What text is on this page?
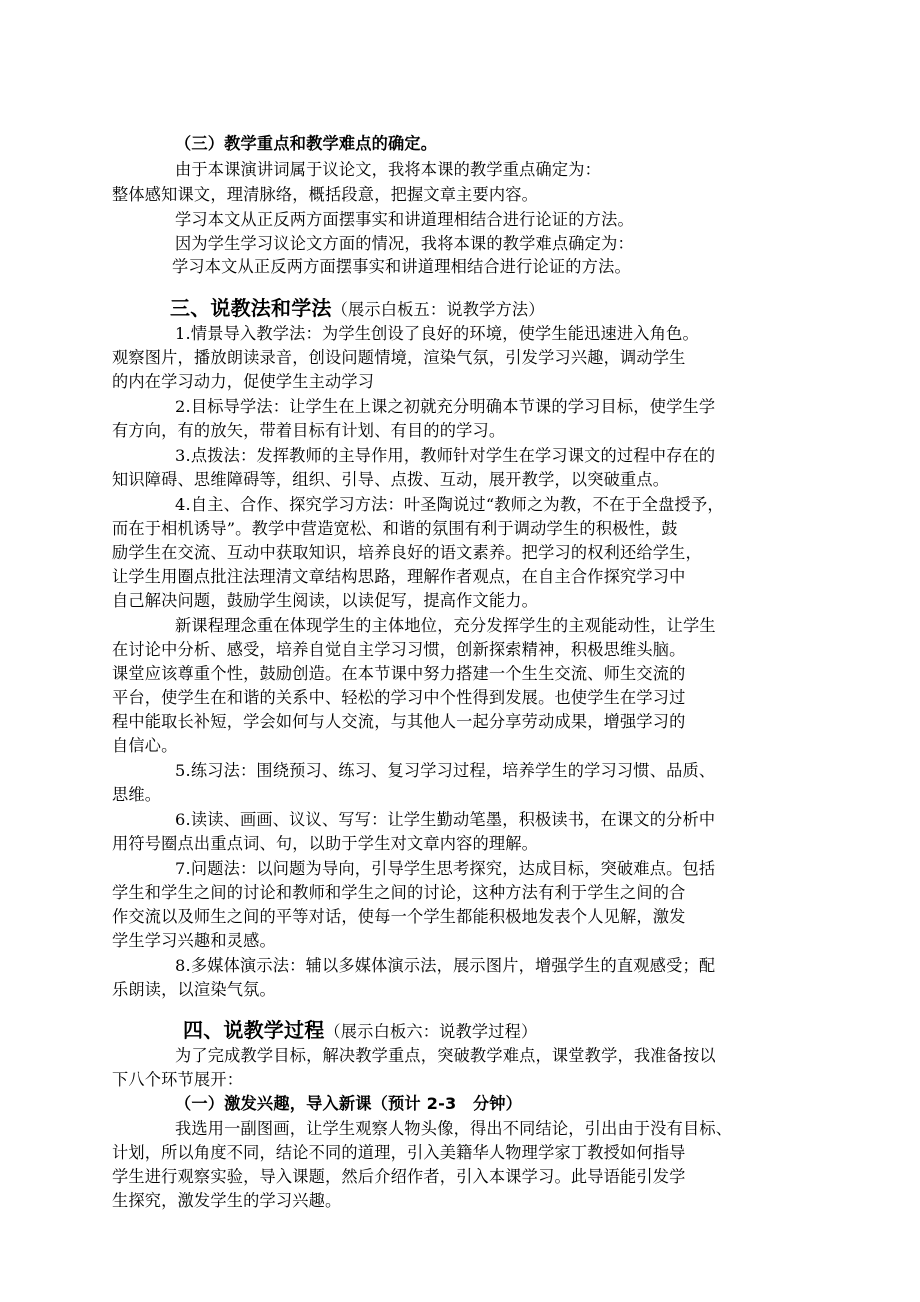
（三）教学重点和教学难点的确定。
由于本课演讲词属于议论文，我将本课的教学重点确定为：
整体感知课文，理清脉络，概括段意，把握文章主要内容。
学习本文从正反两方面摆事实和讲道理相结合进行论证的方法。
因为学生学习议论文方面的情况，我将本课的教学难点确定为：
学习本文从正反两方面摆事实和讲道理相结合进行论证的方法。
三、说教法和学法（展示白板五：说教学方法）
1.情景导入教学法：为学生创设了良好的环境，使学生能迅速进入角色。
观察图片，播放朗读录音，创设问题情境，渲染气氛，引发学习兴趣，调动学生
的内在学习动力，促使学生主动学习
2.目标导学法：让学生在上课之初就充分明确本节课的学习目标，使学生学
有方向，有的放矢，带着目标有计划、有目的的学习。
3.点拨法：发挥教师的主导作用，教师针对学生在学习课文的过程中存在的
知识障碍、思维障碍等，组织、引导、点拨、互动，展开教学，以突破重点。
4.自主、合作、探究学习方法：叶圣陶说过“教师之为教，不在于全盘授予，
而在于相机诱导”。教学中营造宽松、和谐的氛围有利于调动学生的积极性，鼓
励学生在交流、互动中获取知识，培养良好的语文素养。把学习的权利还给学生，
让学生用圈点批注法理清文章结构思路，理解作者观点，在自主合作探究学习中
自己解决问题，鼓励学生阅读，以读促写，提高作文能力。
新课程理念重在体现学生的主体地位，充分发挥学生的主观能动性，让学生
在讨论中分析、感受，培养自觉自主学习习惯，创新探索精神，积极思维头脑。
课堂应该尊重个性，鼓励创造。在本节课中努力搭建一个生生交流、师生交流的
平台，使学生在和谐的关系中、轻松的学习中个性得到发展。也使学生在学习过
程中能取长补短，学会如何与人交流，与其他人一起分享劳动成果，增强学习的
自信心。
5.练习法：围绕预习、练习、复习学习过程，培养学生的学习习惯、品质、
思维。
6.读读、画画、议议、写写：让学生勤动笔墨，积极读书，在课文的分析中
用符号圈点出重点词、句，以助于学生对文章内容的理解。
7.问题法：以问题为导向，引导学生思考探究，达成目标，突破难点。包括
学生和学生之间的讨论和教师和学生之间的讨论，这种方法有利于学生之间的合
作交流以及师生之间的平等对话，使每一个学生都能积极地发表个人见解，激发
学生学习兴趣和灵感。
8.多媒体演示法：辅以多媒体演示法，展示图片，增强学生的直观感受；配
乐朗读，以渲染气氛。
四、说教学过程（展示白板六：说教学过程）
为了完成教学目标，解决教学重点，突破教学难点，课堂教学，我准备按以
下八个环节展开：
（一）激发兴趣，导入新课（预计 2-3　分钟）
我选用一副图画，让学生观察人物头像，得出不同结论，引出由于没有目标、
计划，所以角度不同，结论不同的道理，引入美籍华人物理学家丁教授如何指导
学生进行观察实验，导入课题，然后介绍作者，引入本课学习。此导语能引发学
生探究，激发学生的学习兴趣。
